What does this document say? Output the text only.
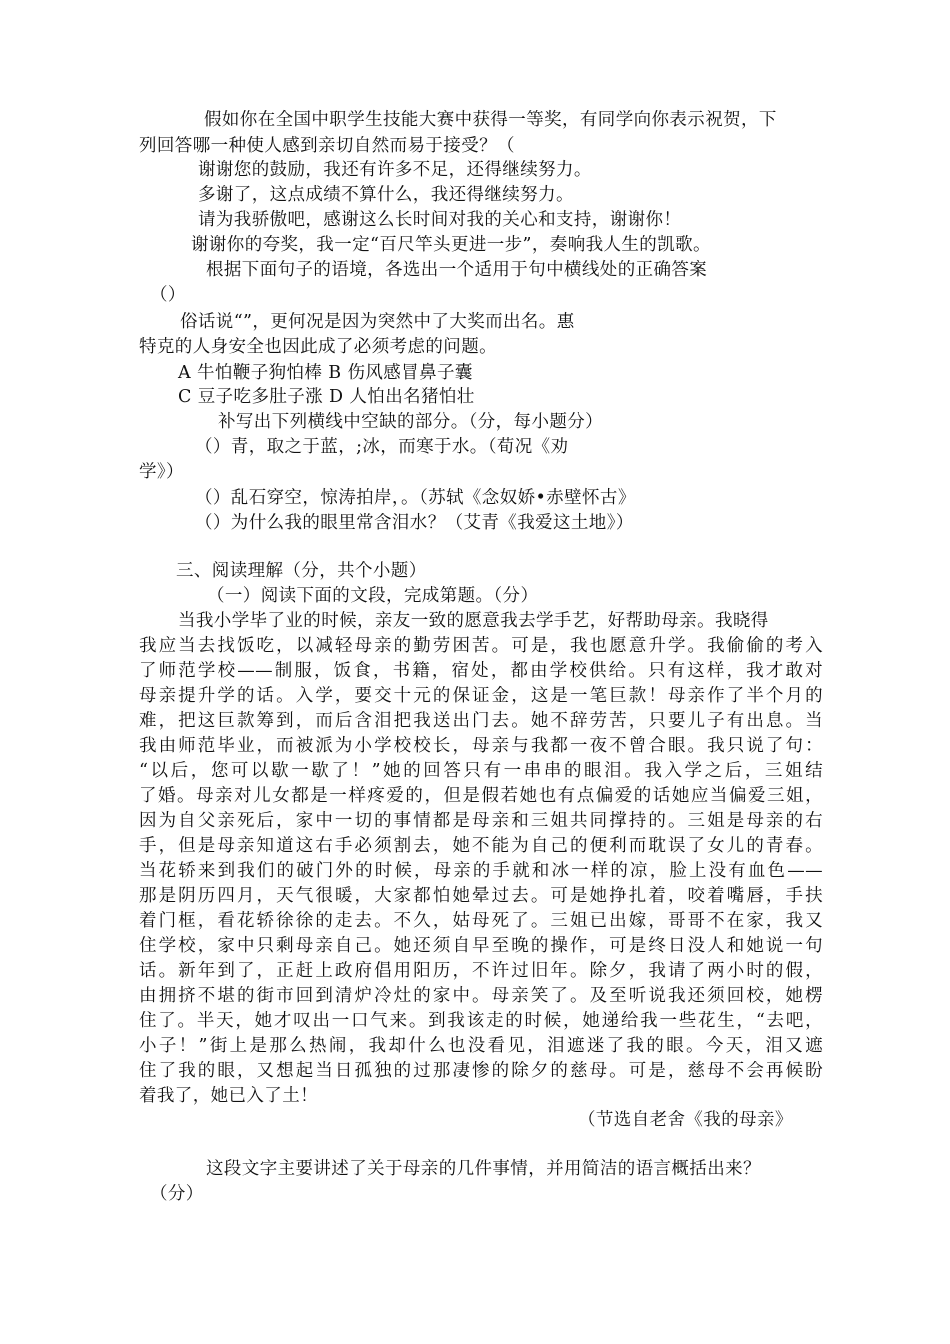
假如你在全国中职学生技能大赛中获得一等奖，有同学向你表示祝贺，下
列回答哪一种使人感到亲切自然而易于接受？（
谢谢您的鼓励，我还有许多不足，还得继续努力。
多谢了，这点成绩不算什么，我还得继续努力。
请为我骄傲吧，感谢这么长时间对我的关心和支持，谢谢你！
谢谢你的夸奖，我一定“百尺竿头更进一步”，奏响我人生的凯歌。
根据下面句子的语境，各选出一个适用于句中横线处的正确答案
（）
俗话说“”，更何况是因为突然中了大奖而出名。惠
特克的人身安全也因此成了必须考虑的问题。
A 牛怕鞭子狗怕棒 B 伤风感冒鼻子囊
C 豆子吃多肚子涨 D 人怕出名猪怕壮
补写出下列横线中空缺的部分。（分，每小题分）
（）青，取之于蓝，;冰，而寒于水。（荀况《劝
学》）
（）乱石穿空，惊涛拍岸，。（苏轼《念奴娇•赤壁怀古》
（）为什么我的眼里常含泪水？（艾青《我爱这土地》）
三、阅读理解（分，共个小题）
（一）阅读下面的文段，完成第题。（分）
当我小学毕了业的时候，亲友一致的愿意我去学手艺，好帮助母亲。我晓得
我应当去找饭吃，以减轻母亲的勤劳困苦。可是，我也愿意升学。我偷偷的考入
了师范学校——制服，饭食，书籍，宿处，都由学校供给。只有这样，我才敢对
母亲提升学的话。入学，要交十元的保证金，这是一笔巨款！母亲作了半个月的
难，把这巨款筹到，而后含泪把我送出门去。她不辞劳苦，只要儿子有出息。当
我由师范毕业，而被派为小学校校长，母亲与我都一夜不曾合眼。我只说了句：
“以后，您可以歇一歇了！”她的回答只有一串串的眼泪。我入学之后，三姐结
了婚。母亲对儿女都是一样疼爱的，但是假若她也有点偏爱的话她应当偏爱三姐，
因为自父亲死后，家中一切的事情都是母亲和三姐共同撑持的。三姐是母亲的右
手，但是母亲知道这右手必须割去，她不能为自己的便利而耽误了女儿的青春。
当花轿来到我们的破门外的时候，母亲的手就和冰一样的凉，脸上没有血色——
那是阴历四月，天气很暖，大家都怕她晕过去。可是她挣扎着，咬着嘴唇，手扶
着门框，看花轿徐徐的走去。不久，姑母死了。三姐已出嫁，哥哥不在家，我又
住学校，家中只剩母亲自己。她还须自早至晚的操作，可是终日没人和她说一句
话。新年到了，正赶上政府倡用阳历，不许过旧年。除夕，我请了两小时的假，
由拥挤不堪的街市回到清炉冷灶的家中。母亲笑了。及至听说我还须回校，她楞
住了。半天，她才叹出一口气来。到我该走的时候，她递给我一些花生，“去吧，
小子！”街上是那么热闹，我却什么也没看见，泪遮迷了我的眼。今天，泪又遮
住了我的眼，又想起当日孤独的过那凄惨的除夕的慈母。可是，慈母不会再候盼
着我了，她已入了土！
（节选自老舍《我的母亲》
这段文字主要讲述了关于母亲的几件事情，并用简洁的语言概括出来？
（分）
